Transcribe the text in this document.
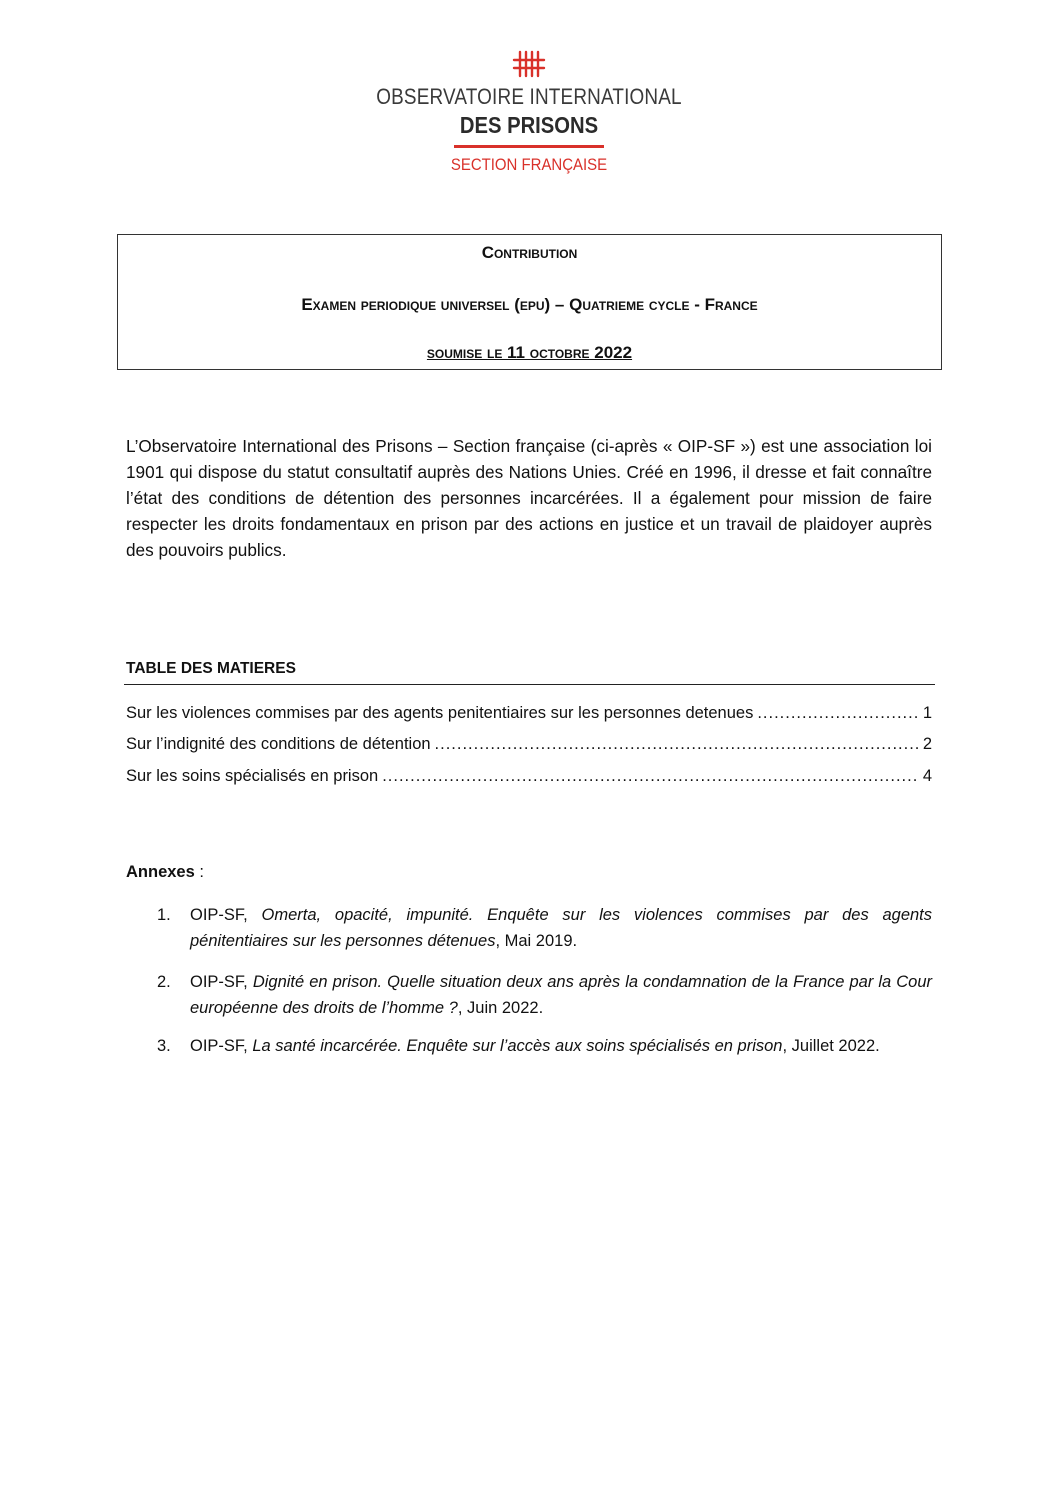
OBSERVATOIRE INTERNATIONAL
DES PRISONS
SECTION FRANÇAISE
Contribution
Examen periodique universel (epu) – Quatrieme cycle - France
soumise le 11 octobre 2022

L’Observatoire International des Prisons – Section française (ci-après « OIP-SF ») est une association loi 1901 qui dispose du statut consultatif auprès des Nations Unies. Créé en 1996, il dresse et fait connaître l’état des conditions de détention des personnes incarcérées. Il a également pour mission de faire respecter les droits fondamentaux en prison par des actions en justice et un travail de plaidoyer auprès des pouvoirs publics.

TABLE DES MATIERES
Sur les violences commises par des agents penitentiaires sur les personnes detenues .....	1
Sur l’indignité des conditions de détention .....	2
Sur les soins spécialisés en prison .....	4
Annexes :
1. OIP-SF, Omerta, opacité, impunité. Enquête sur les violences commises par des agents pénitentiaires sur les personnes détenues, Mai 2019.
2. OIP-SF, Dignité en prison. Quelle situation deux ans après la condamnation de la France par la Cour européenne des droits de l’homme ?, Juin 2022.
3. OIP-SF, La santé incarcérée. Enquête sur l’accès aux soins spécialisés en prison, Juillet 2022.
